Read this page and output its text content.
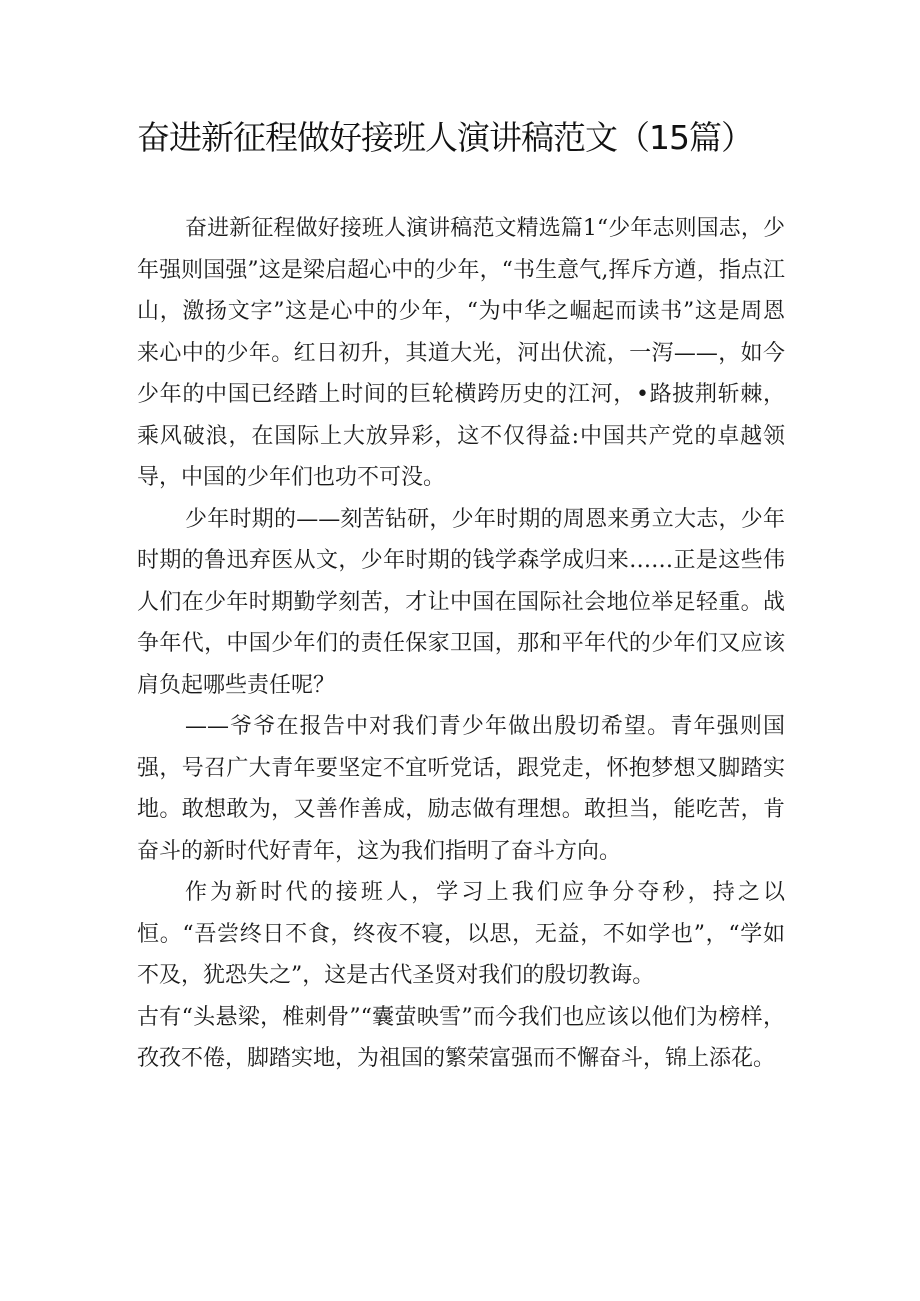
奋进新征程做好接班人演讲稿范文（15篇）

奋进新征程做好接班人演讲稿范文精选篇1“少年志则国志，少年强则国强”这是梁启超心中的少年，“书生意气,挥斥方遒，指点江山，激扬文字”这是心中的少年，“为中华之崛起而读书”这是周恩来心中的少年。红日初升，其道大光，河出伏流，一泻——，如今少年的中国已经踏上时间的巨轮横跨历史的江河，•路披荆斩棘，乘风破浪，在国际上大放异彩，这不仅得益:中国共产党的卓越领导，中国的少年们也功不可没。

少年时期的——刻苦钻研，少年时期的周恩来勇立大志，少年时期的鲁迅弃医从文，少年时期的钱学森学成归来……正是这些伟人们在少年时期勤学刻苦，才让中国在国际社会地位举足轻重。战争年代，中国少年们的责任保家卫国，那和平年代的少年们又应该肩负起哪些责任呢？

——爷爷在报告中对我们青少年做出殷切希望。青年强则国强，号召广大青年要坚定不宜听党话，跟党走，怀抱梦想又脚踏实地。敢想敢为，又善作善成，励志做有理想。敢担当，能吃苦，肯奋斗的新时代好青年，这为我们指明了奋斗方向。

作为新时代的接班人，学习上我们应争分夺秒，持之以恒。“吾尝终日不食，终夜不寝，以思，无益，不如学也”，“学如不及，犹恐失之”，这是古代圣贤对我们的殷切教诲。

古有“头悬梁，椎刺骨”“囊萤映雪”而今我们也应该以他们为榜样，孜孜不倦，脚踏实地，为祖国的繁荣富强而不懈奋斗，锦上添花。
